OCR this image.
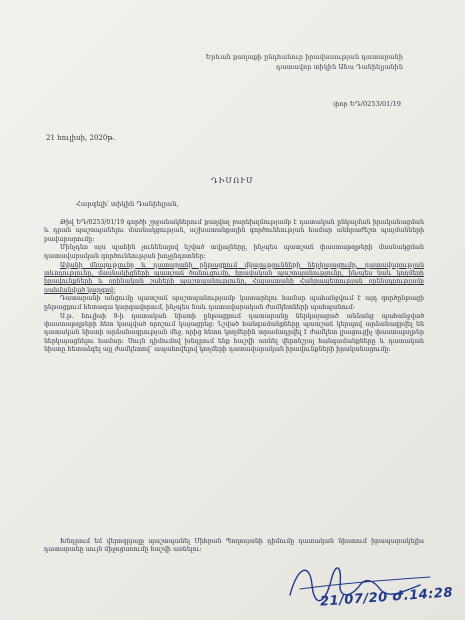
Երևան քաղաքի ընդհանուր իրավասության դատարանի
դատավոր տիկին Անա Դանիելյանին
փոր ԵԴ/0253/01/19
21 հուլիսի, 2020թ.
ԴԻՄՈՒՄ
Հարգելի՛ տիկին Դանիելյան,

Թիվ ԵԴ/0253/01/19 գործի շրջանակներում քաղվող բարեխղճությամբ է դատական ընկալման իրականացման և դրան պաշտպանելու մասնակցության, աշխատանքային գործունեության համար անհրաժեշտ պայմանների բավարարումը։

Մինչդեռ այս պահին չունենալով նշված տվյալները, ինչպես պատշաճ փաստաթղթերի մասնակցման դատավարական գործունեության խոչընդոտներ։

Ավանի մնալությունը և դատարանի ընթացքում վկայությունների ներկայացումը, դատավարության տևողությունը, մասնակիցների պատշաճ ծանուցումը, իրավական պաշտպանությունը, ինչպես նաև կողմերի իրավունքների և օրինական շահերի պաշտպանությունը, Հայաստանի Հանրապետության օրենսդրությամբ սահմանված կարգով։

Դատարանի անցումը պատշաճ պաշտպանությամբ կատարելու համար պահանջվում է այդ գործընթացի ընթացքում հետագա կարգավորում, ինչպես նաև դատավարական ժամկետների պահպանում։

Ս.թ. հուլիսի 9-ի դատական նիստի ընթացքում դատարանը ներկայացած անձանց պահանջված փաստաթղթերի հետ կապված որոշում կայացրեց։ Նշված հանգամանքները պատշաճ կերպով արձանագրվել են դատական նիստի արձանագրության մեջ, որից հետո կողմերին տրամադրվել է ժամկետ լրացուցիչ փաստաթղթեր ներկայացնելու համար։ Սույն դիմումով խնդրում ենք հաշվի առնել վերոնշյալ հանգամանքները և դատական նիստը հետաձգել այլ ժամկետով՝ ապահովելով կողմերի դատավարական իրավունքների իրականացումը։

Խնդրում եմ վերոգրյալը պաշտպանել Միհրան Պողոսյանի դիմումը դատական նիստում իրապարակելիս դատարանը սույն միջոցառումը հաշվի առնելու։

21/07/20 Ժ.14:28
